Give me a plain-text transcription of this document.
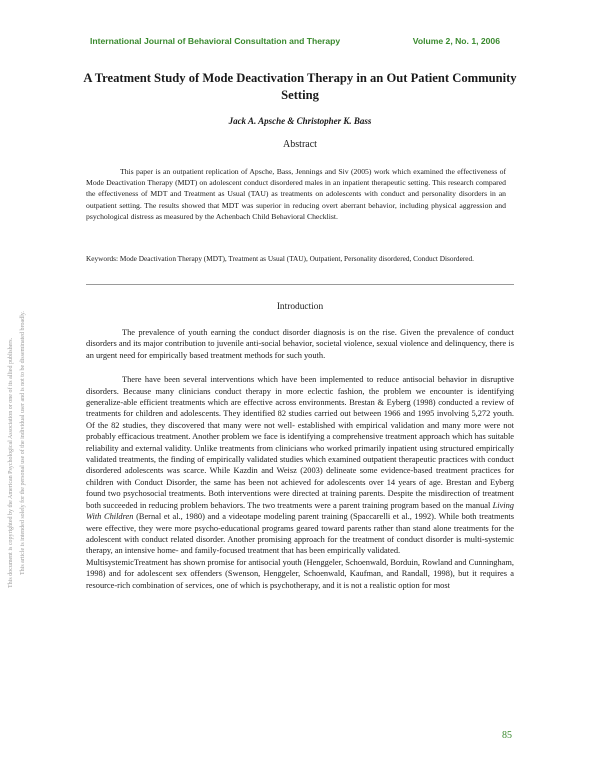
International Journal of Behavioral Consultation and Therapy	Volume 2, No. 1, 2006
A Treatment Study of Mode Deactivation Therapy in an Out Patient Community Setting
Jack A. Apsche & Christopher K. Bass
Abstract

This paper is an outpatient replication of Apsche, Bass, Jennings and Siv (2005) work which examined the effectiveness of Mode Deactivation Therapy (MDT) on adolescent conduct disordered males in an inpatient therapeutic setting. This research compared the effectiveness of MDT and Treatment as Usual (TAU) as treatments on adolescents with conduct and personality disorders in an outpatient setting. The results showed that MDT was superior in reducing overt aberrant behavior, including physical aggression and psychological distress as measured by the Achenbach Child Behavioral Checklist.

Keywords: Mode Deactivation Therapy (MDT), Treatment as Usual (TAU), Outpatient, Personality disordered, Conduct Disordered.

Introduction

The prevalence of youth earning the conduct disorder diagnosis is on the rise. Given the prevalence of conduct disorders and its major contribution to juvenile anti-social behavior, societal violence, sexual violence and delinquency, there is an urgent need for empirically based treatment methods for such youth.

There have been several interventions which have been implemented to reduce antisocial behavior in disruptive disorders. Because many clinicians conduct therapy in more eclectic fashion, the problem we encounter is identifying generalize-able efficient treatments which are effective across environments. Brestan & Eyberg (1998) conducted a review of treatments for children and adolescents. They identified 82 studies carried out between 1966 and 1995 involving 5,272 youth. Of the 82 studies, they discovered that many were not well- established with empirical validation and many more were not probably efficacious treatment. Another problem we face is identifying a comprehensive treatment approach which has suitable reliability and external validity. Unlike treatments from clinicians who worked primarily inpatient using structured empirically validated treatments, the finding of empirically validated studies which examined outpatient therapeutic practices with conduct disordered adolescents was scarce. While Kazdin and Weisz (2003) delineate some evidence-based treatment practices for children with Conduct Disorder, the same has been not achieved for adolescents over 14 years of age. Brestan and Eyberg found two psychosocial treatments. Both interventions were directed at training parents. Despite the misdirection of treatment both succeeded in reducing problem behaviors. The two treatments were a parent training program based on the manual Living With Children (Bernal et al., 1980) and a videotape modeling parent training (Spaccarelli et al., 1992). While both treatments were effective, they were more psycho-educational programs geared toward parents rather than stand alone treatments for the adolescent with conduct related disorder. Another promising approach for the treatment of conduct disorder is multi-systemic therapy, an intensive home- and family-focused treatment that has been empirically validated.

MultisystemicTreatment has shown promise for antisocial youth (Henggeler, Schoenwald, Borduin, Rowland and Cunningham, 1998) and for adolescent sex offenders (Swenson, Henggeler, Schoenwald, Kaufman, and Randall, 1998), but it requires a resource-rich combination of services, one of which is psychotherapy, and it is not a realistic option for most

This document is copyrighted by the American Psychological Association or one of its allied publishers. This article is intended solely for the personal use of the individual user and is not to be disseminated broadly.
85
